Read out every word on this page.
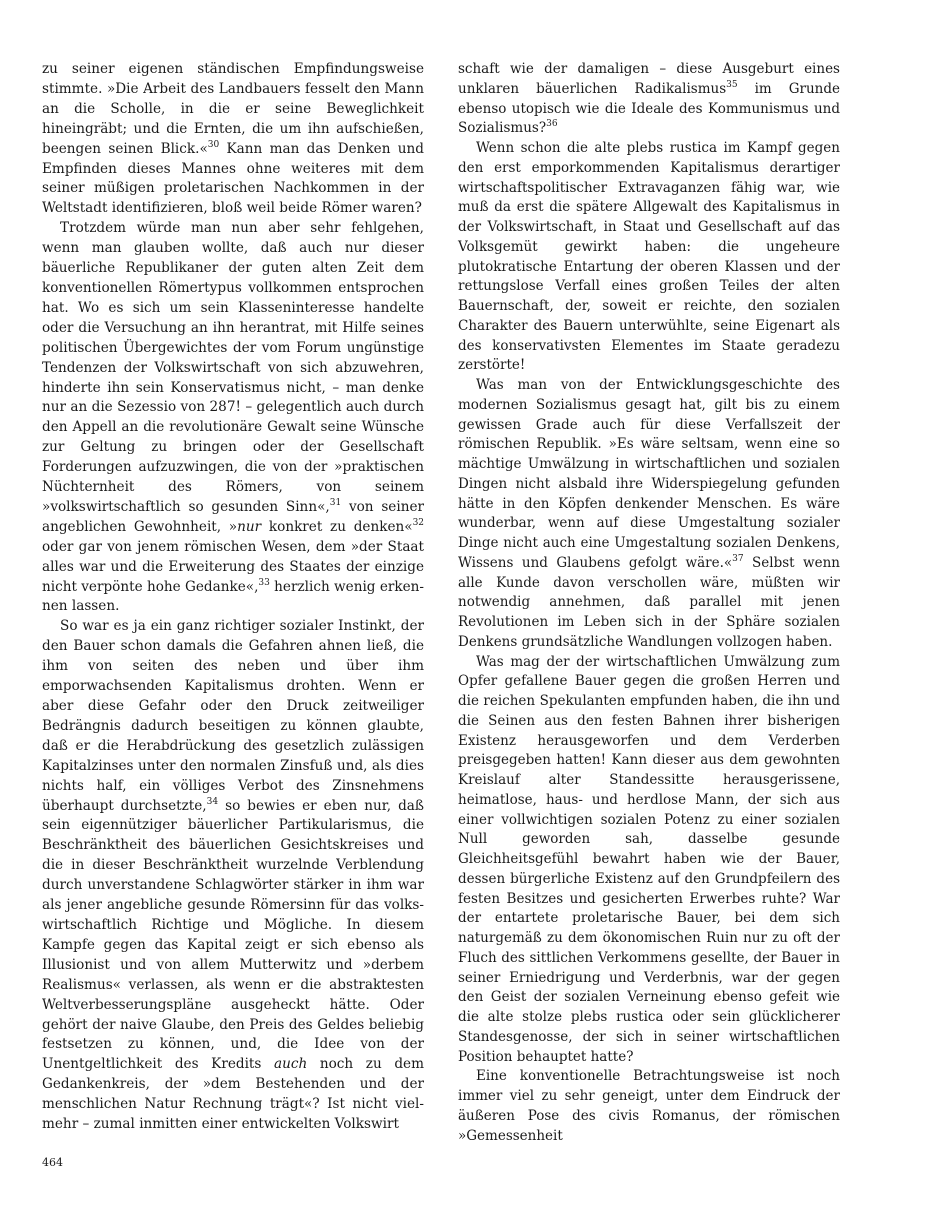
zu seiner eigenen ständischen Empfindungsweise stimmte. »Die Arbeit des Landbauers fesselt den Mann an die Scholle, in die er seine Beweglichkeit hineingräbt; und die Ernten, die um ihn aufschießen, beengen seinen Blick.«$^{30}$ Kann man das Denken und Empfinden dieses Mannes ohne weiteres mit dem seiner müßigen proletarischen Nachkommen in der Weltstadt identifizieren, bloß weil beide Römer waren?

Trotzdem würde man nun aber sehr fehlgehen, wenn man glauben wollte, daß auch nur dieser bäuerliche Republikaner der guten alten Zeit dem konventionellen Römertypus vollkommen entsprochen hat. Wo es sich um sein Klasseninteresse handelte oder die Versuchung an ihn herantrat, mit Hilfe seines politischen Übergewichtes der vom Forum ungünstige Tendenzen der Volkswirtschaft von sich abzuwehren, hinderte ihn sein Konservatismus nicht, – man denke nur an die Sezessio von 287! – gelegentlich auch durch den Appell an die revolutionäre Gewalt seine Wünsche zur Geltung zu bringen oder der Gesellschaft Forderungen aufzuzwingen, die von der »praktischen Nüchternheit des Römers, von seinem »volkswirtschaftlich so gesunden Sinn«,$^{31}$ von seiner angeblichen Gewohnheit, »nur konkret zu denken«$^{32}$ oder gar von jenem römischen Wesen, dem »der Staat alles war und die Erweiterung des Staates der einzige nicht verpönte hohe Gedanke«,$^{33}$ herzlich wenig erkennen lassen.

So war es ja ein ganz richtiger sozialer Instinkt, der den Bauer schon damals die Gefahren ahnen ließ, die ihm von seiten des neben und über ihm emporwachsenden Kapitalismus drohten. Wenn er aber diese Gefahr oder den Druck zeitweiliger Bedrängnis dadurch beseitigen zu können glaubte, daß er die Herabdrückung des gesetzlich zulässigen Kapitalzinses unter den normalen Zinsfuß und, als dies nichts half, ein völliges Verbot des Zinsnehmens überhaupt durchsetzte,$^{34}$ so bewies er eben nur, daß sein eigennütziger bäuerlicher Partikularismus, die Beschränktheit des bäuerlichen Gesichtskreises und die in dieser Beschränktheit wurzelnde Verblendung durch unverstandene Schlagwörter stärker in ihm war als jener angebliche gesunde Römersinn für das volkswirtschaftlich Richtige und Mögliche. In diesem Kampfe gegen das Kapital zeigt er sich ebenso als Illusionist und von allem Mutterwitz und »derbem Realismus« verlassen, als wenn er die abstraktesten Weltverbesserungspläne ausgeheckt hätte. Oder gehört der naive Glaube, den Preis des Geldes beliebig festsetzen zu können, und, die Idee von der Unentgeltlichkeit des Kredits auch noch zu dem Gedankenkreis, der »dem Bestehenden und der menschlichen Natur Rechnung trägt«? Ist nicht vielmehr – zumal inmitten einer entwickelten Volkswirt

schaft wie der damaligen – diese Ausgeburt eines unklaren bäuerlichen Radikalismus$^{35}$ im Grunde ebenso utopisch wie die Ideale des Kommunismus und Sozialismus?$^{36}$

Wenn schon die alte plebs rustica im Kampf gegen den erst emporkommenden Kapitalismus derartiger wirtschaftspolitischer Extravaganzen fähig war, wie muß da erst die spätere Allgewalt des Kapitalismus in der Volkswirtschaft, in Staat und Gesellschaft auf das Volksgemüt gewirkt haben: die ungeheure plutokratische Entartung der oberen Klassen und der rettungslose Verfall eines großen Teiles der alten Bauernschaft, der, soweit er reichte, den sozialen Charakter des Bauern unterwühlte, seine Eigenart als des konservativsten Elementes im Staate geradezu zerstörte!

Was man von der Entwicklungsgeschichte des modernen Sozialismus gesagt hat, gilt bis zu einem gewissen Grade auch für diese Verfallszeit der römischen Republik. »Es wäre seltsam, wenn eine so mächtige Umwälzung in wirtschaftlichen und sozialen Dingen nicht alsbald ihre Widerspiegelung gefunden hätte in den Köpfen denkender Menschen. Es wäre wunderbar, wenn auf diese Umgestaltung sozialer Dinge nicht auch eine Umgestaltung sozialen Denkens, Wissens und Glaubens gefolgt wäre.«$^{37}$ Selbst wenn alle Kunde davon verschollen wäre, müßten wir notwendig annehmen, daß parallel mit jenen Revolutionen im Leben sich in der Sphäre sozialen Denkens grundsätzliche Wandlungen vollzogen haben.

Was mag der der wirtschaftlichen Umwälzung zum Opfer gefallene Bauer gegen die großen Herren und die reichen Spekulanten empfunden haben, die ihn und die Seinen aus den festen Bahnen ihrer bisherigen Existenz herausgeworfen und dem Verderben preisgegeben hatten! Kann dieser aus dem gewohnten Kreislauf alter Standessitte herausgerissene, heimatlose, haus- und herdlose Mann, der sich aus einer vollwichtigen sozialen Potenz zu einer sozialen Null geworden sah, dasselbe gesunde Gleichheitsgefühl bewahrt haben wie der Bauer, dessen bürgerliche Existenz auf den Grundpfeilern des festen Besitzes und gesicherten Erwerbes ruhte? War der entartete proletarische Bauer, bei dem sich naturgemäß zu dem ökonomischen Ruin nur zu oft der Fluch des sittlichen Verkommens gesellte, der Bauer in seiner Erniedrigung und Verderbnis, war der gegen den Geist der sozialen Verneinung ebenso gefeit wie die alte stolze plebs rustica oder sein glücklicherer Standesgenosse, der sich in seiner wirtschaftlichen Position behauptet hatte?

Eine konventionelle Betrachtungsweise ist noch immer viel zu sehr geneigt, unter dem Eindruck der äußeren Pose des civis Romanus, der römischen »Gemessenheit

464
